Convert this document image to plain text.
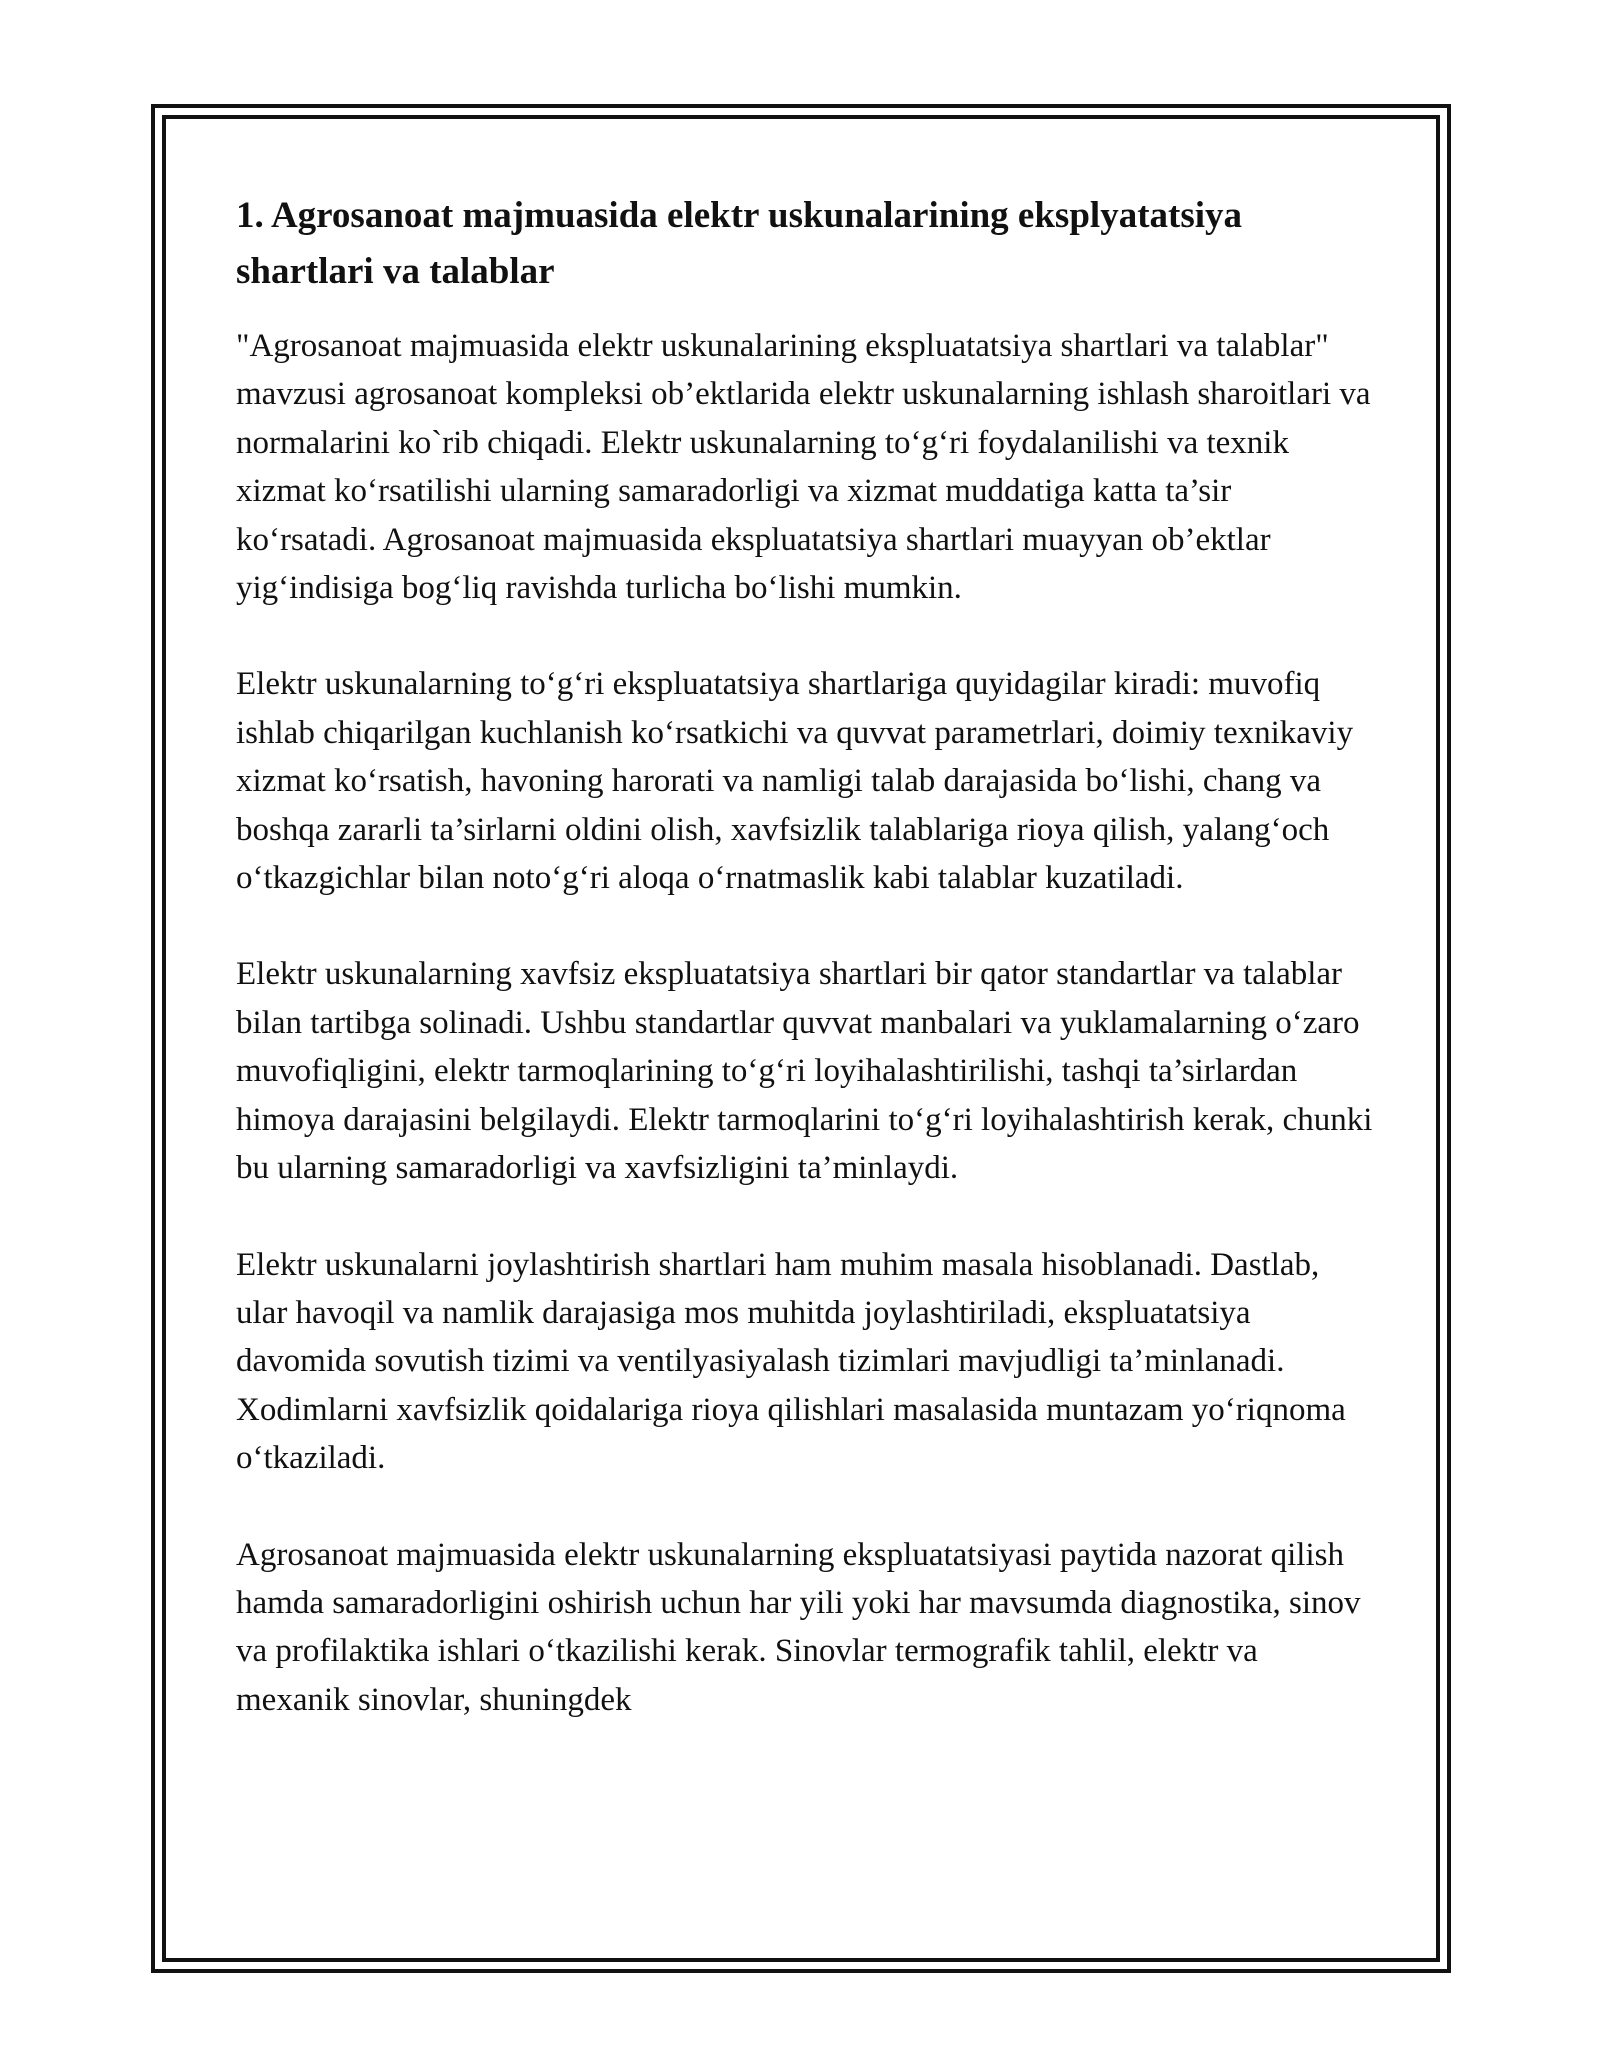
1. Agrosanoat majmuasida elektr uskunalarining eksplуatatsiya shartlari va talablar

"Agrosanoat majmuasida elektr uskunalarining ekspluatatsiya shartlari va talablar" mavzusi agrosanoat kompleksi ob’ektlarida elektr uskunalarning ishlash sharoitlari va normalarini ko`rib chiqadi. Elektr uskunalarning to‘g‘ri foydalanilishi va texnik xizmat ko‘rsatilishi ularning samaradorligi va xizmat muddatiga katta ta’sir ko‘rsatadi. Agrosanoat majmuasida ekspluatatsiya shartlari muayyan ob’ektlar yig‘indisiga bog‘liq ravishda turlicha bo‘lishi mumkin.

Elektr uskunalarning to‘g‘ri ekspluatatsiya shartlariga quyidagilar kiradi: muvofiq ishlab chiqarilgan kuchlanish ko‘rsatkichi va quvvat parametrlari, doimiy texnikaviy xizmat ko‘rsatish, havoning harorati va namligi talab darajasida bo‘lishi, chang va boshqa zararli ta’sirlarni oldini olish, xavfsizlik talablariga rioya qilish, yalang‘och o‘tkazgichlar bilan noto‘g‘ri aloqa o‘rnatmaslik kabi talablar kuzatiladi.

Elektr uskunalarning xavfsiz ekspluatatsiya shartlari bir qator standartlar va talablar bilan tartibga solinadi. Ushbu standartlar quvvat manbalari va yuklamalarning o‘zaro muvofiqligini, elektr tarmoqlarining to‘g‘ri loyihalashtirilishi, tashqi ta’sirlardan himoya darajasini belgilaydi. Elektr tarmoqlarini to‘g‘ri loyihalashtirish kerak, chunki bu ularning samaradorligi va xavfsizligini ta’minlaydi.

Elektr uskunalarni joylashtirish shartlari ham muhim masala hisoblanadi. Dastlab, ular havoqil va namlik darajasiga mos muhitda joylashtiriladi, ekspluatatsiya davomida sovutish tizimi va ventilyasiyalash tizimlari mavjudligi ta’minlanadi. Xodimlarni xavfsizlik qoidalariga rioya qilishlari masalasida muntazam yo‘riqnoma o‘tkaziladi.

Agrosanoat majmuasida elektr uskunalarning ekspluatatsiyasi paytida nazorat qilish hamda samaradorligini oshirish uchun har yili yoki har mavsumda diagnostika, sinov va profilaktika ishlari o‘tkazilishi kerak. Sinovlar termografik tahlil, elektr va mexanik sinovlar, shuningdek
